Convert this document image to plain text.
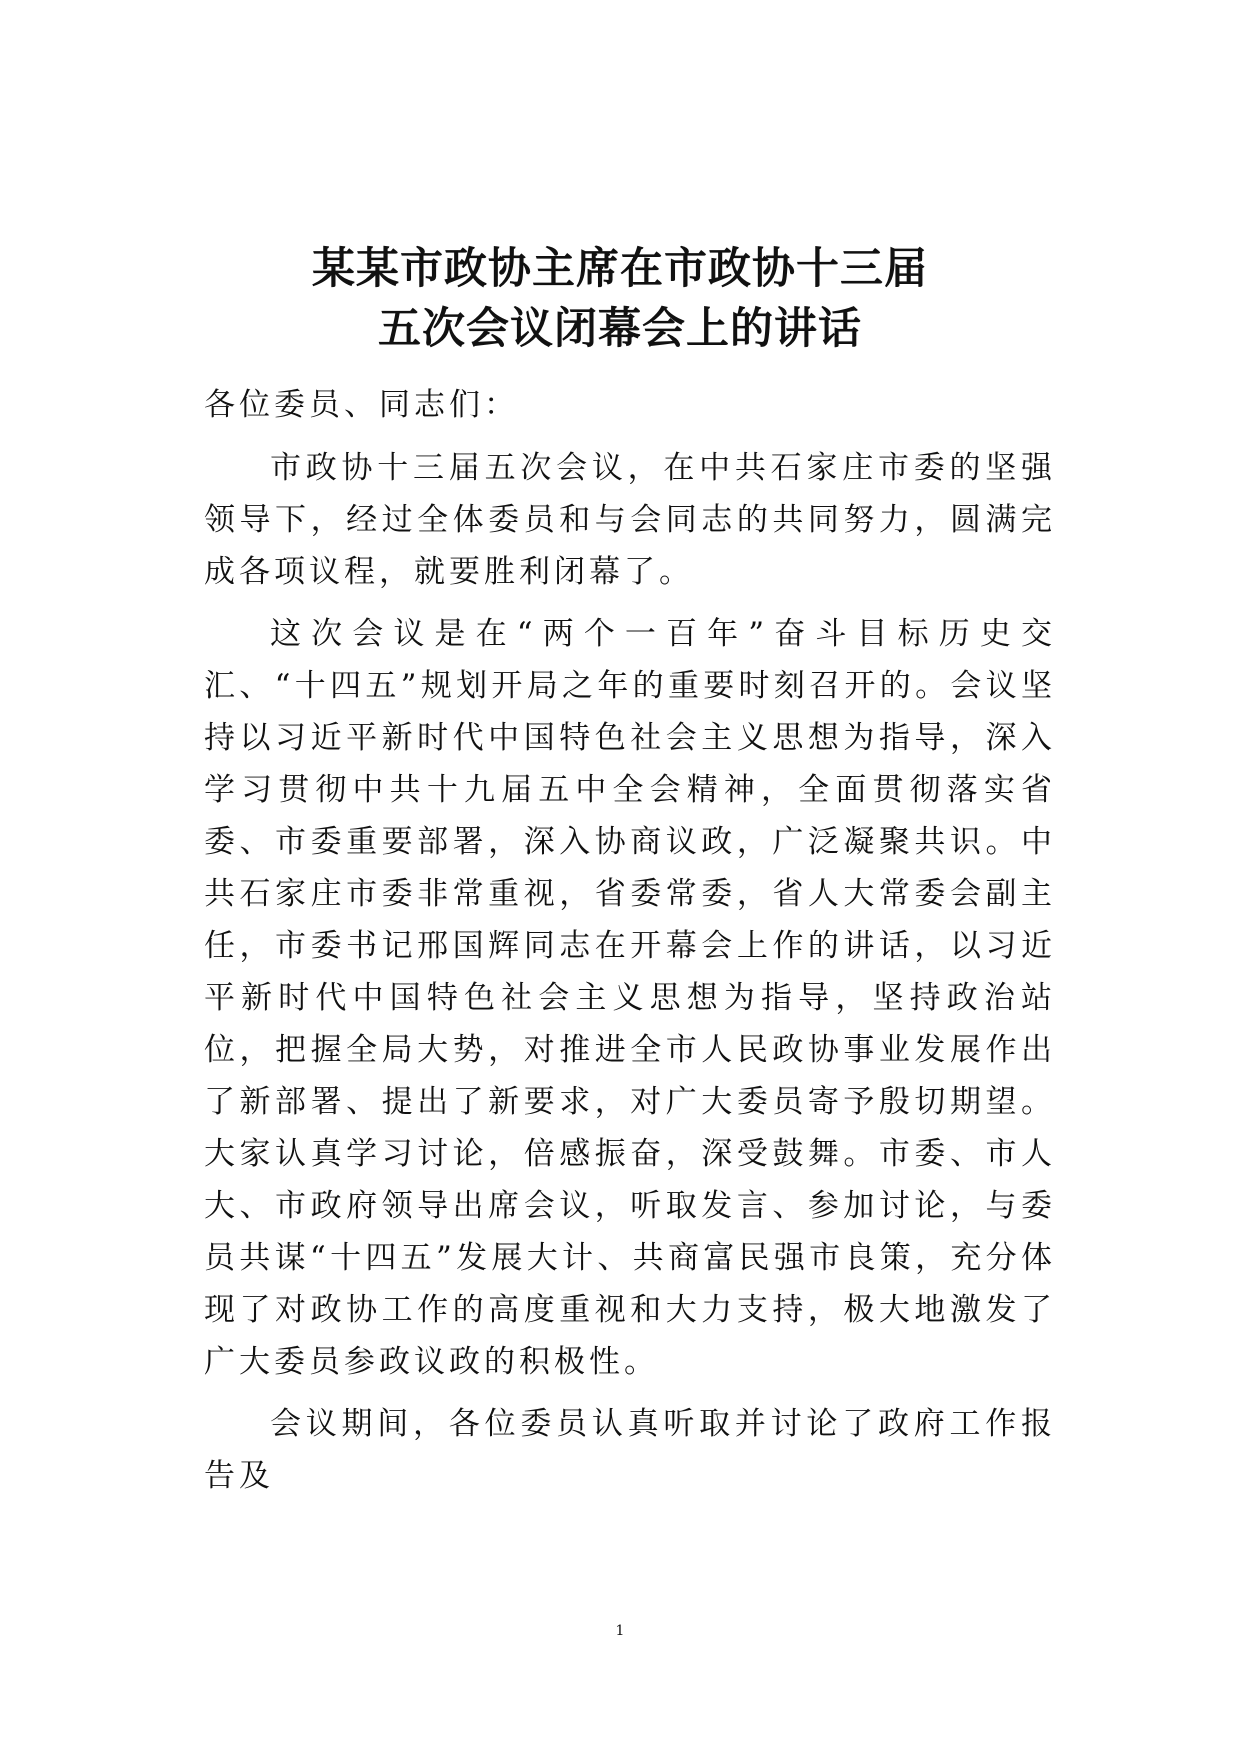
某某市政协主席在市政协十三届
五次会议闭幕会上的讲话

各位委员、同志们：

市政协十三届五次会议，在中共石家庄市委的坚强领导下，经过全体委员和与会同志的共同努力，圆满完成各项议程，就要胜利闭幕了。

这次会议是在“两个一百年”奋斗目标历史交汇、“十四五”规划开局之年的重要时刻召开的。会议坚持以习近平新时代中国特色社会主义思想为指导，深入学习贯彻中共十九届五中全会精神，全面贯彻落实省委、市委重要部署，深入协商议政，广泛凝聚共识。中共石家庄市委非常重视，省委常委，省人大常委会副主任，市委书记邢国辉同志在开幕会上作的讲话，以习近平新时代中国特色社会主义思想为指导，坚持政治站位，把握全局大势，对推进全市人民政协事业发展作出了新部署、提出了新要求，对广大委员寄予殷切期望。大家认真学习讨论，倍感振奋，深受鼓舞。市委、市人大、市政府领导出席会议，听取发言、参加讨论，与委员共谋“十四五”发展大计、共商富民强市良策，充分体现了对政协工作的高度重视和大力支持，极大地激发了广大委员参政议政的积极性。

会议期间，各位委员认真听取并讨论了政府工作报告及

1
